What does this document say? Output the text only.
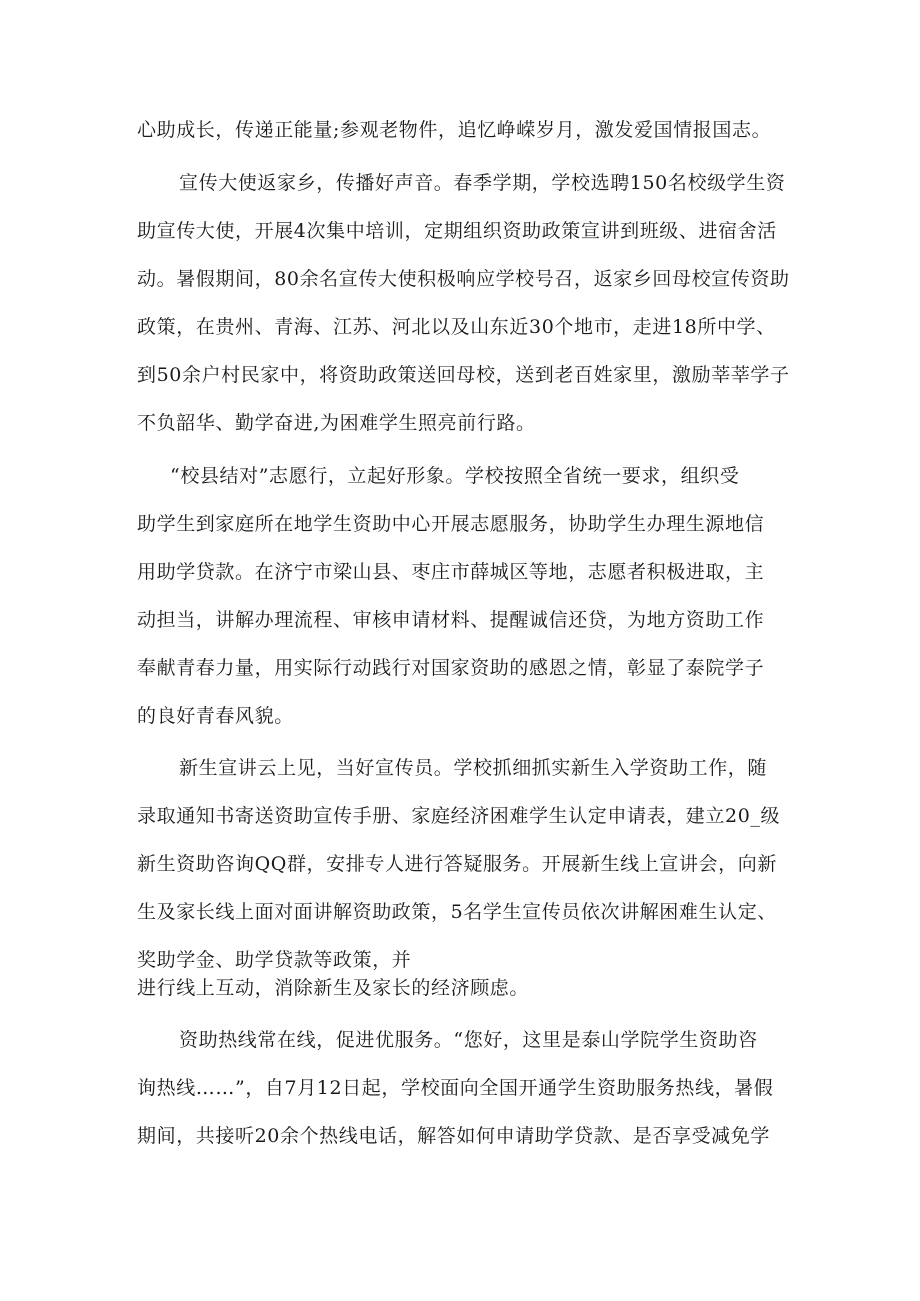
心助成长，传递正能量;参观老物件，追忆峥嵘岁月，激发爱国情报国志。
宣传大使返家乡，传播好声音。春季学期，学校选聘150名校级学生资
助宣传大使，开展4次集中培训，定期组织资助政策宣讲到班级、进宿舍活
动。暑假期间，80余名宣传大使积极响应学校号召，返家乡回母校宣传资助
政策，在贵州、青海、江苏、河北以及山东近30个地市，走进18所中学、
到50余户村民家中，将资助政策送回母校，送到老百姓家里，激励莘莘学子
不负韶华、勤学奋进,为困难学生照亮前行路。
“校县结对”志愿行，立起好形象。学校按照全省统一要求，组织受
助学生到家庭所在地学生资助中心开展志愿服务，协助学生办理生源地信
用助学贷款。在济宁市梁山县、枣庄市薛城区等地，志愿者积极进取，主
动担当，讲解办理流程、审核申请材料、提醒诚信还贷，为地方资助工作
奉献青春力量，用实际行动践行对国家资助的感恩之情，彰显了泰院学子
的良好青春风貌。
新生宣讲云上见，当好宣传员。学校抓细抓实新生入学资助工作，随
录取通知书寄送资助宣传手册、家庭经济困难学生认定申请表，建立20_级
新生资助咨询QQ群，安排专人进行答疑服务。开展新生线上宣讲会，向新
生及家长线上面对面讲解资助政策，5名学生宣传员依次讲解困难生认定、
奖助学金、助学贷款等政策，并
进行线上互动，消除新生及家长的经济顾虑。
资助热线常在线，促进优服务。“您好，这里是泰山学院学生资助咨
询热线……”，自7月12日起，学校面向全国开通学生资助服务热线，暑假
期间，共接听20余个热线电话，解答如何申请助学贷款、是否享受减免学
